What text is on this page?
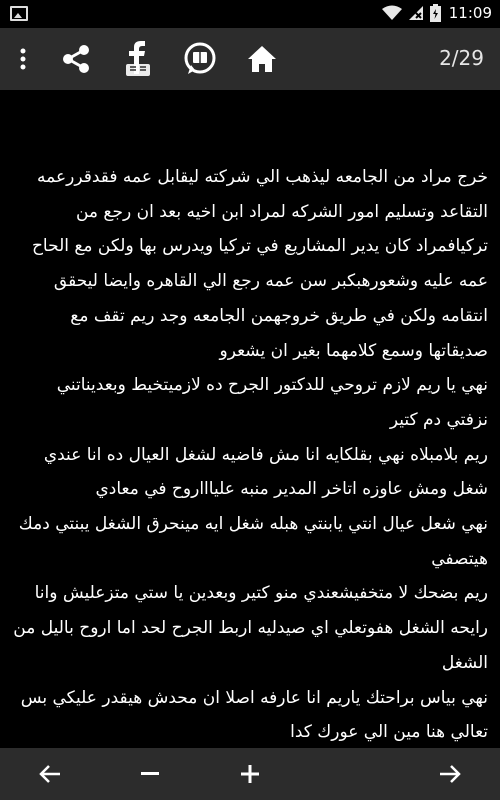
11:09
2/29
خرج مراد من الجامعه ليذهب الي شركته ليقابل عمه فقدقررعمه التقاعد وتسليم امور الشركه لمراد ابن اخيه بعد ان رجع من تركيافمراد كان يدير المشاريع في تركيا ويدرس بها ولكن مع الحاح عمه عليه وشعورهبكبر سن عمه رجع الي القاهره وايضا ليحقق انتقامه ولكن في طريق خروجهمن الجامعه وجد ريم تقف مع صديقاتها وسمع كلامهما بغير ان يشعرو
نهي يا ريم لازم تروحي للدكتور الجرح ده لازميتخيط وبعديناتني نزفتي دم كتير
ريم بلامبلاه نهي بقلكايه انا مش فاضيه لشغل العيال ده انا عندي شغل ومش عاوزه اتاخر المدير منبه علياااروح في معادي
نهي شعل عيال انتي يابنتي هبله شغل ايه مينحرق الشغل يبنتي دمك هيتصفي
ريم بضحك لا متخفيشعندي منو كتير وبعدين يا ستي متزعليش وانا رايحه الشغل هفوتعلي اي صيدليه اربط الجرح لحد اما اروح باليل من الشغل
نهي بياس براحتك ياريم انا عارفه اصلا ان محدش هيقدر عليكي بس تعالي هنا مين الي عورك كدا
